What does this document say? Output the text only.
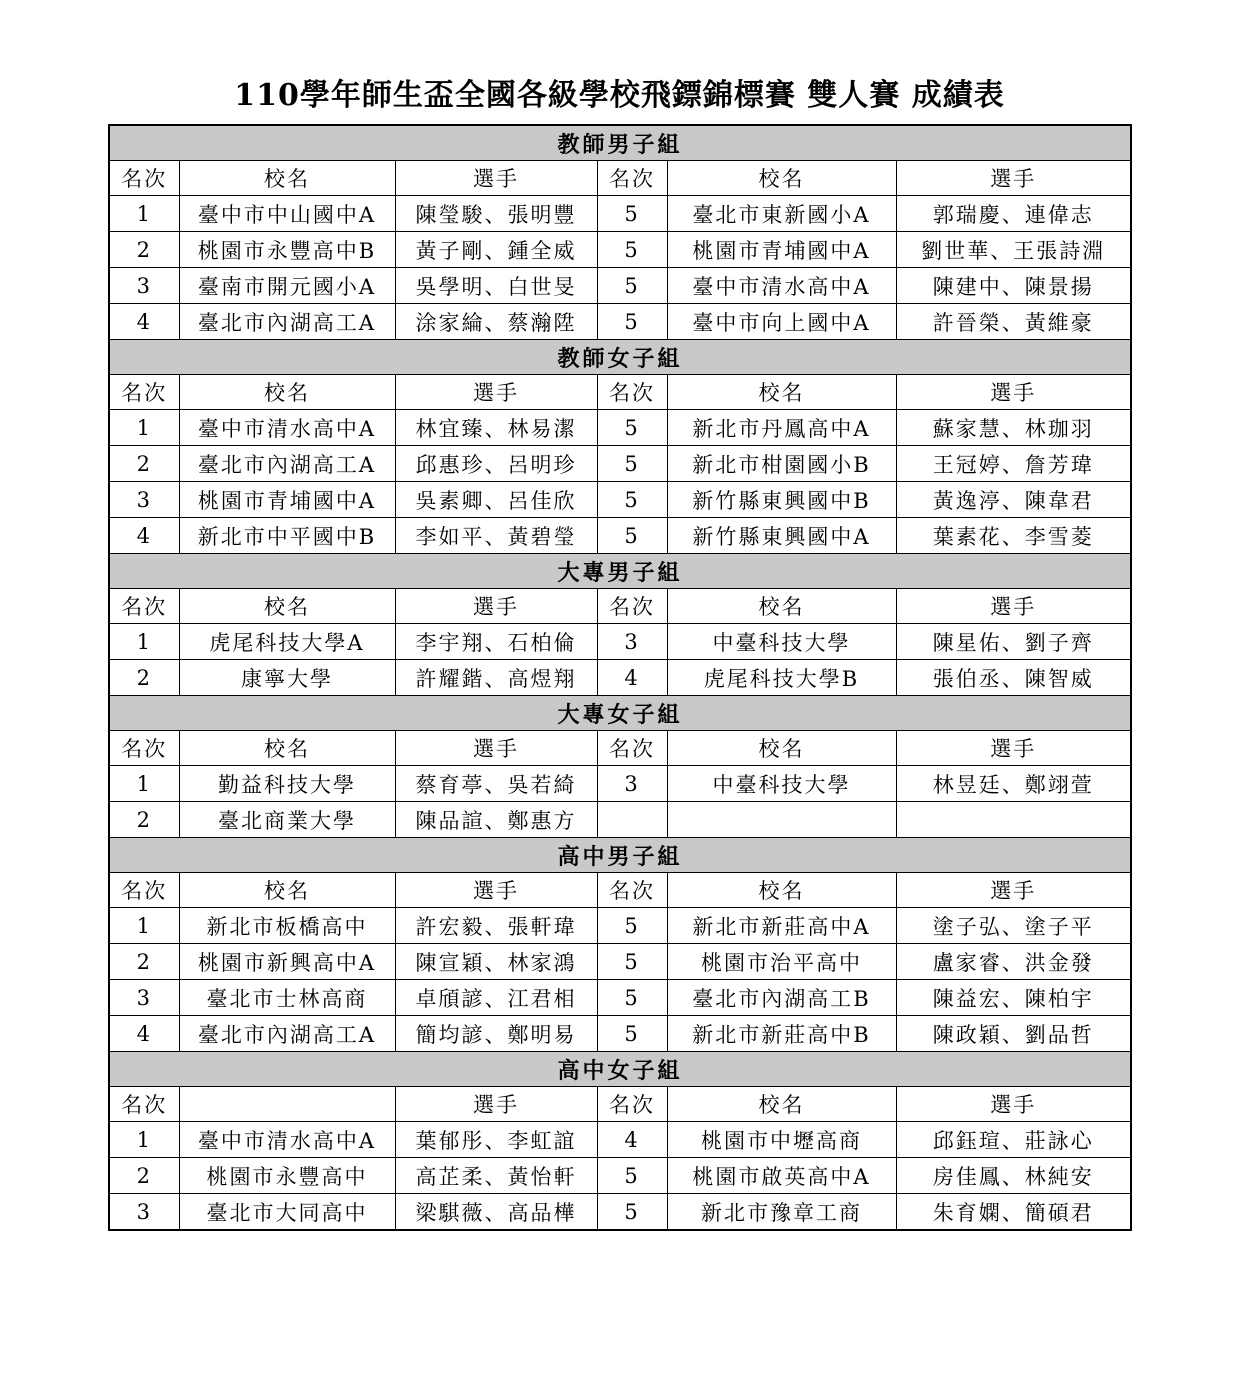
110學年師生盃全國各級學校飛鏢錦標賽 雙人賽 成績表
教師男子組					
名次	校名	選手	名次	校名	選手
1	臺中市中山國中A	陳瑩駿、張明豐	5	臺北市東新國小A	郭瑞慶、連偉志
2	桃園市永豐高中B	黃子剛、鍾全威	5	桃園市青埔國中A	劉世華、王張詩淵
3	臺南市開元國小A	吳學明、白世旻	5	臺中市清水高中A	陳建中、陳景揚
4	臺北市內湖高工A	涂家綸、蔡瀚陞	5	臺中市向上國中A	許晉榮、黃維豪
教師女子組					
名次	校名	選手	名次	校名	選手
1	臺中市清水高中A	林宜臻、林易潔	5	新北市丹鳳高中A	蘇家慧、林珈羽
2	臺北市內湖高工A	邱惠珍、呂明珍	5	新北市柑園國小B	王冠婷、詹芳瑋
3	桃園市青埔國中A	吳素卿、呂佳欣	5	新竹縣東興國中B	黃逸渟、陳韋君
4	新北市中平國中B	李如平、黃碧瑩	5	新竹縣東興國中A	葉素花、李雪菱
大專男子組					
名次	校名	選手	名次	校名	選手
1	虎尾科技大學A	李宇翔、石柏倫	3	中臺科技大學	陳星佑、劉子齊
2	康寧大學	許耀鍇、高煜翔	4	虎尾科技大學B	張伯丞、陳智威
大專女子組					
名次	校名	選手	名次	校名	選手
1	勤益科技大學	蔡育葶、吳若綺	3	中臺科技大學	林昱廷、鄭翊萱
2	臺北商業大學	陳品諠、鄭惠方			
高中男子組					
名次	校名	選手	名次	校名	選手
1	新北市板橋高中	許宏毅、張軒瑋	5	新北市新莊高中A	塗子弘、塗子平
2	桃園市新興高中A	陳宣穎、林家鴻	5	桃園市治平高中	盧家睿、洪金發
3	臺北市士林高商	卓頎諺、江君相	5	臺北市內湖高工B	陳益宏、陳柏宇
4	臺北市內湖高工A	簡均諺、鄭明易	5	新北市新莊高中B	陳政穎、劉品哲
高中女子組					
名次		選手	名次	校名	選手
1	臺中市清水高中A	葉郁彤、李虹誼	4	桃園市中壢高商	邱鈺瑄、莊詠心
2	桃園市永豐高中	高芷柔、黃怡軒	5	桃園市啟英高中A	房佳鳳、林純安
3	臺北市大同高中	梁騏薇、高品樺	5	新北市豫章工商	朱育嫻、簡碩君
